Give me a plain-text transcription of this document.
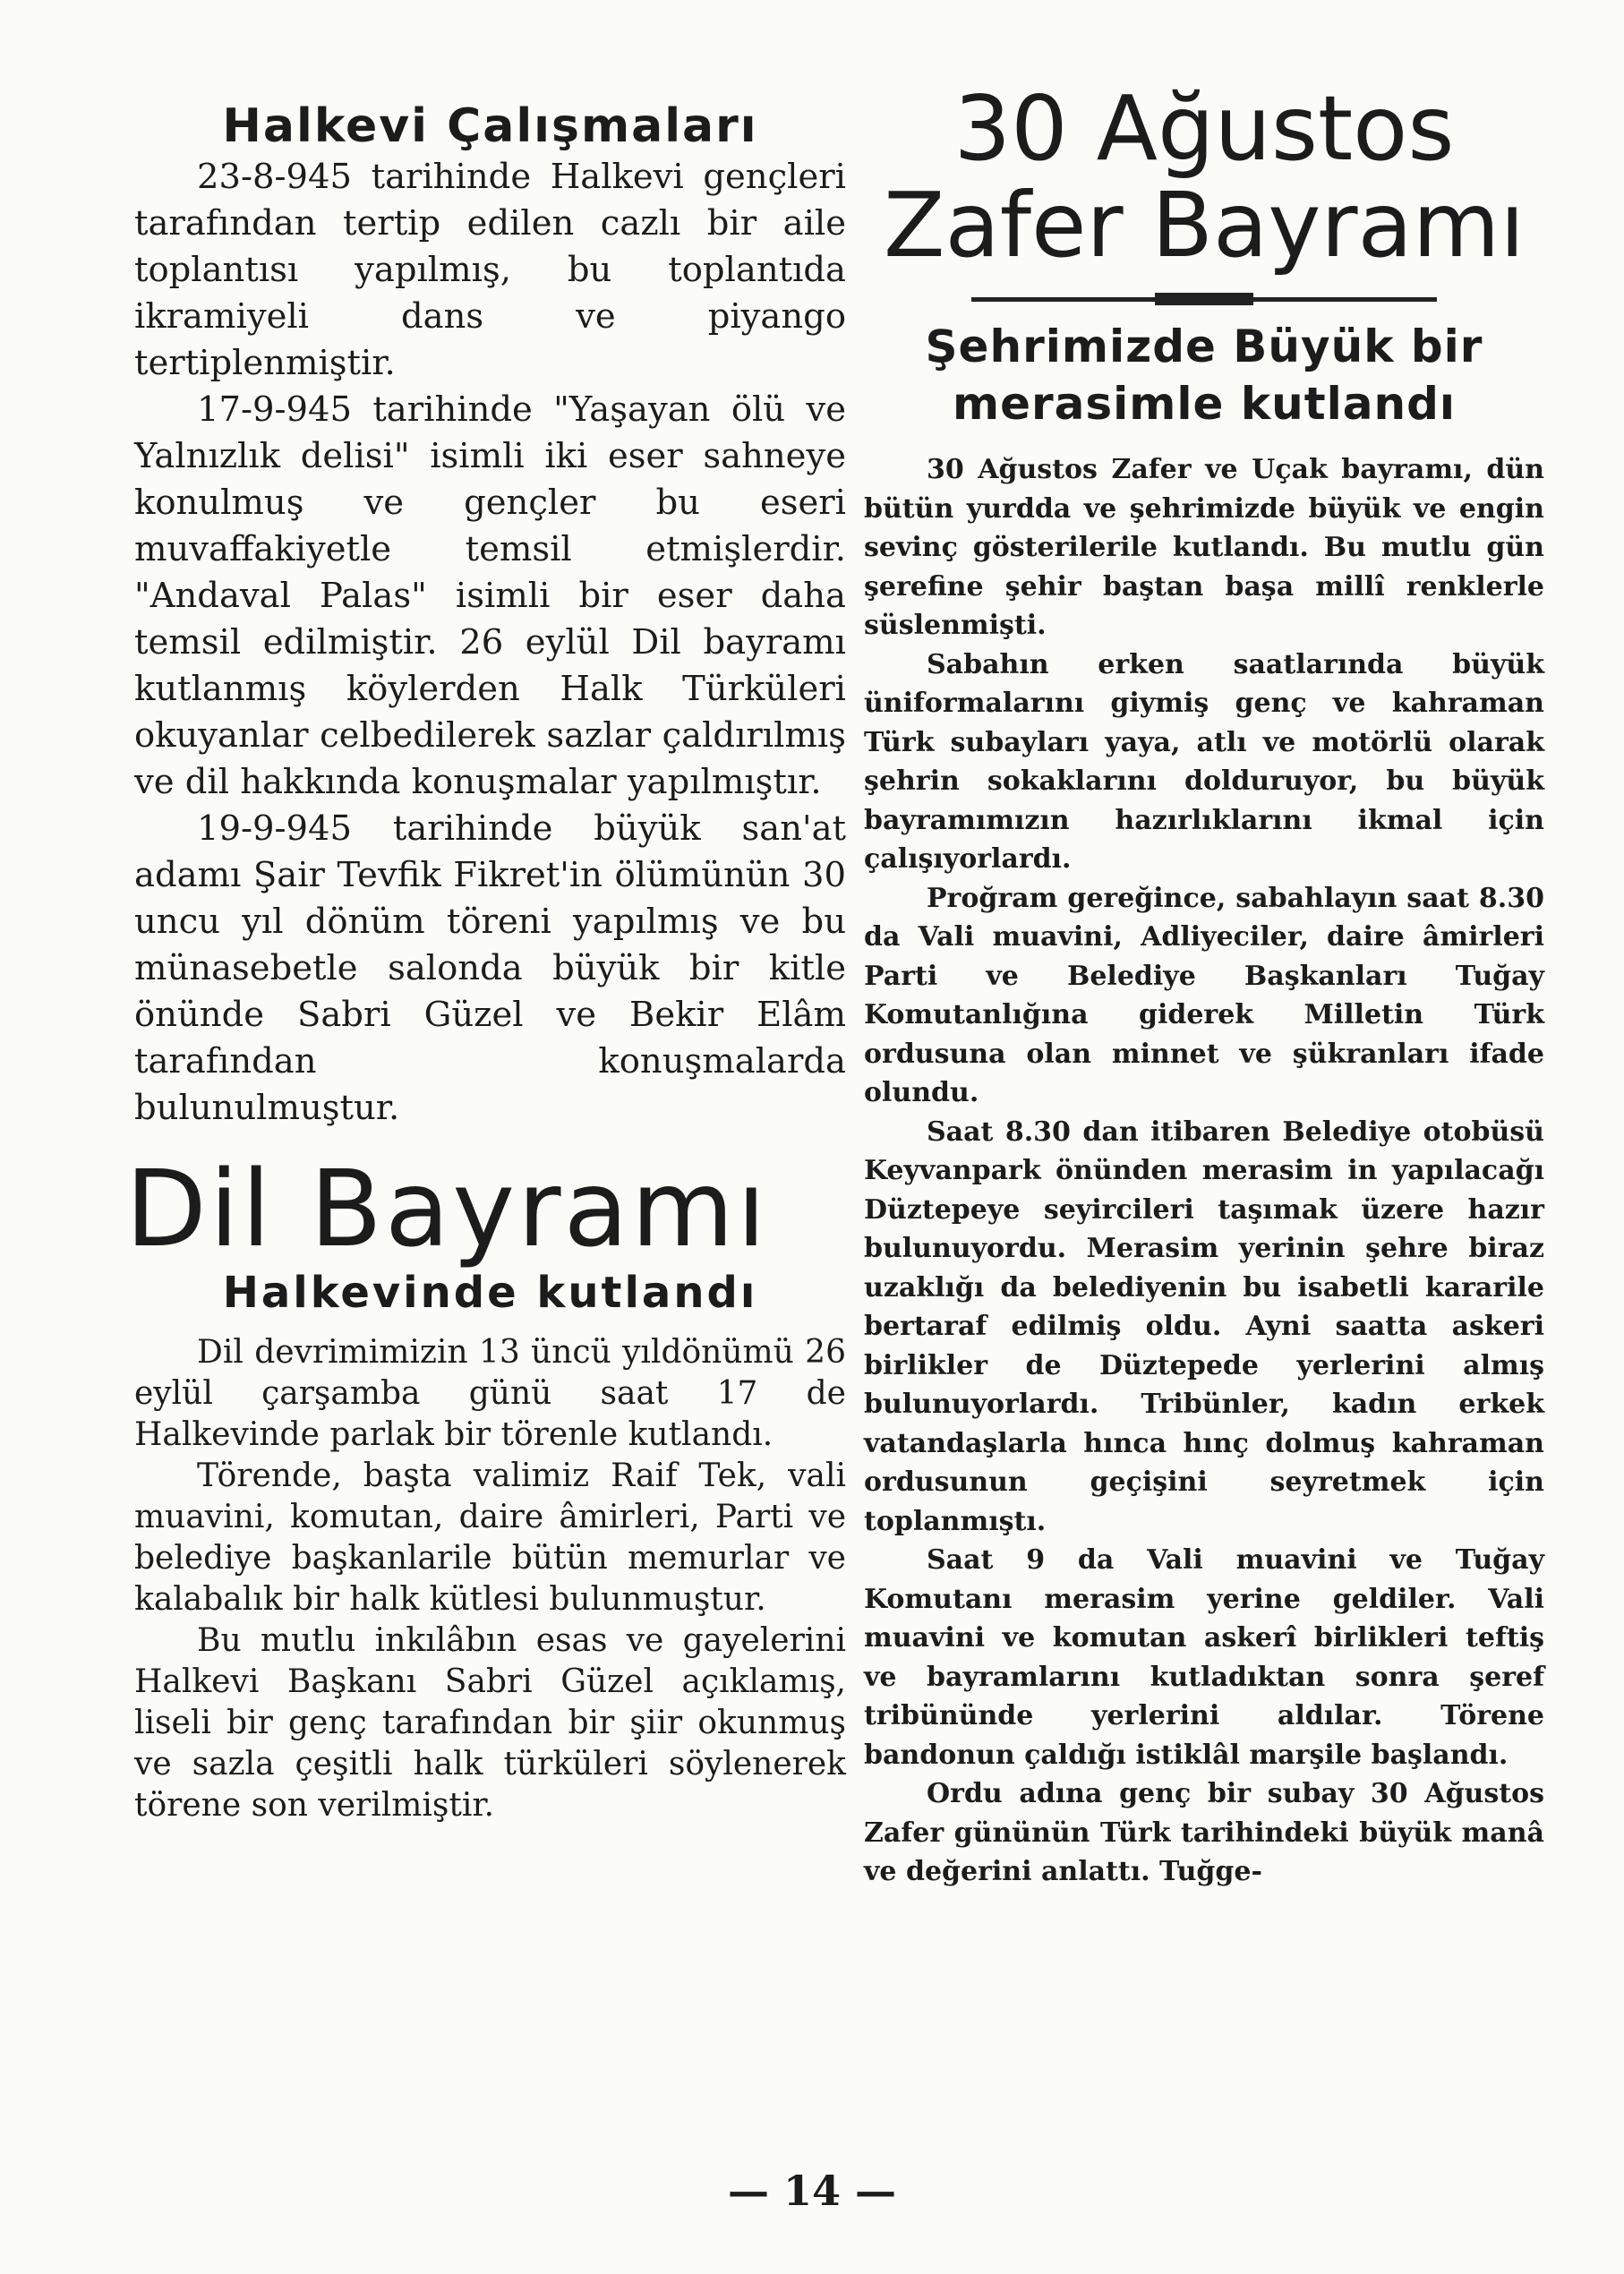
Halkevi Çalışmaları

23-8-945 tarihinde Halkevi gençleri tarafından tertip edilen cazlı bir aile toplantısı yapılmış, bu toplantıda ikramiyeli dans ve piyango tertiplenmiştir.

17-9-945 tarihinde "Yaşayan ölü ve Yalnızlık delisi" isimli iki eser sahneye konulmuş ve gençler bu eseri muvaffakiyetle temsil etmişlerdir. "Andaval Palas" isimli bir eser daha temsil edilmiştir. 26 eylül Dil bayramı kutlanmış köylerden Halk Türküleri okuyanlar celbedilerek sazlar çaldırılmış ve dil hakkında konuşmalar yapılmıştır.

19-9-945 tarihinde büyük san'at adamı Şair Tevfik Fikret'in ölümünün 30 uncu yıl dönüm töreni yapılmış ve bu münasebetle salonda büyük bir kitle önünde Sabri Güzel ve Bekir Elâm tarafından konuşmalarda bulunulmuştur.

Dil Bayramı
Halkevinde kutlandı

Dil devrimimizin 13 üncü yıldönümü 26 eylül çarşamba günü saat 17 de Halkevinde parlak bir törenle kutlandı.

Törende, başta valimiz Raif Tek, vali muavini, komutan, daire âmirleri, Parti ve belediye başkanlarile bütün memurlar ve kalabalık bir halk kütlesi bulunmuştur.

Bu mutlu inkılâbın esas ve gayelerini Halkevi Başkanı Sabri Güzel açıklamış, liseli bir genç tarafından bir şiir okunmuş ve sazla çeşitli halk türküleri söylenerek törene son verilmiştir.

30 Ağustos
Zafer Bayramı
Şehrimizde Büyük bir
merasimle kutlandı

30 Ağustos Zafer ve Uçak bayramı, dün bütün yurdda ve şehrimizde büyük ve engin sevinç gösterilerile kutlandı. Bu mutlu gün şerefine şehir baştan başa millî renklerle süslenmişti.

Sabahın erken saatlarında büyük üniformalarını giymiş genç ve kahraman Türk subayları yaya, atlı ve motörlü olarak şehrin sokaklarını dolduruyor, bu büyük bayramımızın hazırlıklarını ikmal için çalışıyorlardı.

Proğram gereğince, sabahlayın saat 8.30 da Vali muavini, Adliyeciler, daire âmirleri Parti ve Belediye Başkanları Tuğay Komutanlığına giderek Milletin Türk ordusuna olan minnet ve şükranları ifade olundu.

Saat 8.30 dan itibaren Belediye otobüsü Keyvanpark önünden merasim in yapılacağı Düztepeye seyircileri taşımak üzere hazır bulunuyordu. Merasim yerinin şehre biraz uzaklığı da belediyenin bu isabetli kararile bertaraf edilmiş oldu. Ayni saatta askeri birlikler de Düztepede yerlerini almış bulunuyorlardı. Tribünler, kadın erkek vatandaşlarla hınca hınç dolmuş kahraman ordusunun geçişini seyretmek için toplanmıştı.

Saat 9 da Vali muavini ve Tuğay Komutanı merasim yerine geldiler. Vali muavini ve komutan askerî birlikleri teftiş ve bayramlarını kutladıktan sonra şeref tribününde yerlerini aldılar. Törene bandonun çaldığı istiklâl marşile başlandı.

Ordu adına genç bir subay 30 Ağustos Zafer gününün Türk tarihindeki büyük manâ ve değerini anlattı. Tuğge-

— 14 —
